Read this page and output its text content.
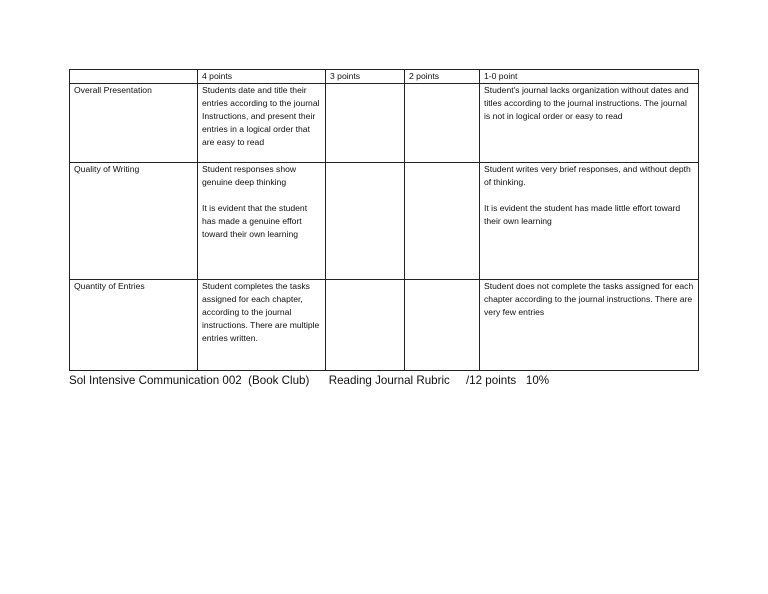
	4 points	3 points	2 points	1-0 point

Overall Presentation	Students date and title their entries according to the journal Instructions, and present their entries in a logical order that are easy to read			Student's journal lacks organization without dates and titles according to the journal instructions. The journal is not in logical order or easy to read

Quality of Writing	Student responses show genuine deep thinking

It is evident that the student has made a genuine effort toward their own learning			Student writes very brief responses, and without depth of thinking.

It is evident the student has made little effort toward their own learning

Quantity of Entries	Student completes the tasks assigned for each chapter, according to the journal instructions. There are multiple entries written.			Student does not complete the tasks assigned for each chapter according to the journal instructions. There are very few entries
Sol Intensive Communication 002  (Book Club)      Reading Journal Rubric     /12 points   10%
